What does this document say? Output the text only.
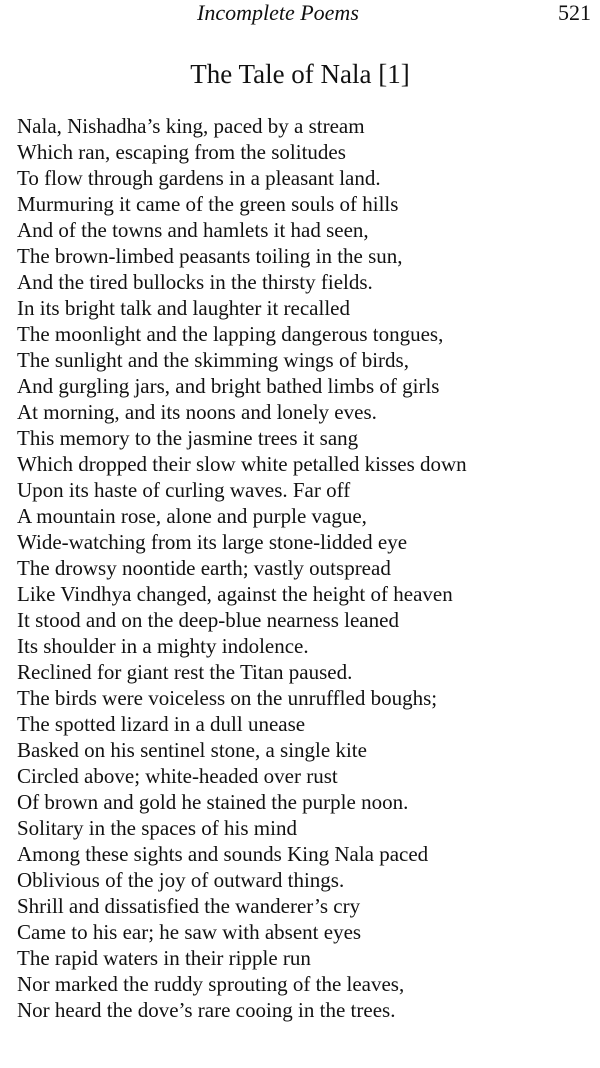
Incomplete Poems	521
The Tale of Nala [1]
Nala, Nishadha’s king, paced by a stream
Which ran, escaping from the solitudes
To flow through gardens in a pleasant land.
Murmuring it came of the green souls of hills
And of the towns and hamlets it had seen,
The brown-limbed peasants toiling in the sun,
And the tired bullocks in the thirsty fields.
In its bright talk and laughter it recalled
The moonlight and the lapping dangerous tongues,
The sunlight and the skimming wings of birds,
And gurgling jars, and bright bathed limbs of girls
At morning, and its noons and lonely eves.
This memory to the jasmine trees it sang
Which dropped their slow white petalled kisses down
Upon its haste of curling waves. Far off
A mountain rose, alone and purple vague,
Wide-watching from its large stone-lidded eye
The drowsy noontide earth; vastly outspread
Like Vindhya changed, against the height of heaven
It stood and on the deep-blue nearness leaned
Its shoulder in a mighty indolence.
Reclined for giant rest the Titan paused.
The birds were voiceless on the unruffled boughs;
The spotted lizard in a dull unease
Basked on his sentinel stone, a single kite
Circled above; white-headed over rust
Of brown and gold he stained the purple noon.
Solitary in the spaces of his mind
Among these sights and sounds King Nala paced
Oblivious of the joy of outward things.
Shrill and dissatisfied the wanderer’s cry
Came to his ear; he saw with absent eyes
The rapid waters in their ripple run
Nor marked the ruddy sprouting of the leaves,
Nor heard the dove’s rare cooing in the trees.
